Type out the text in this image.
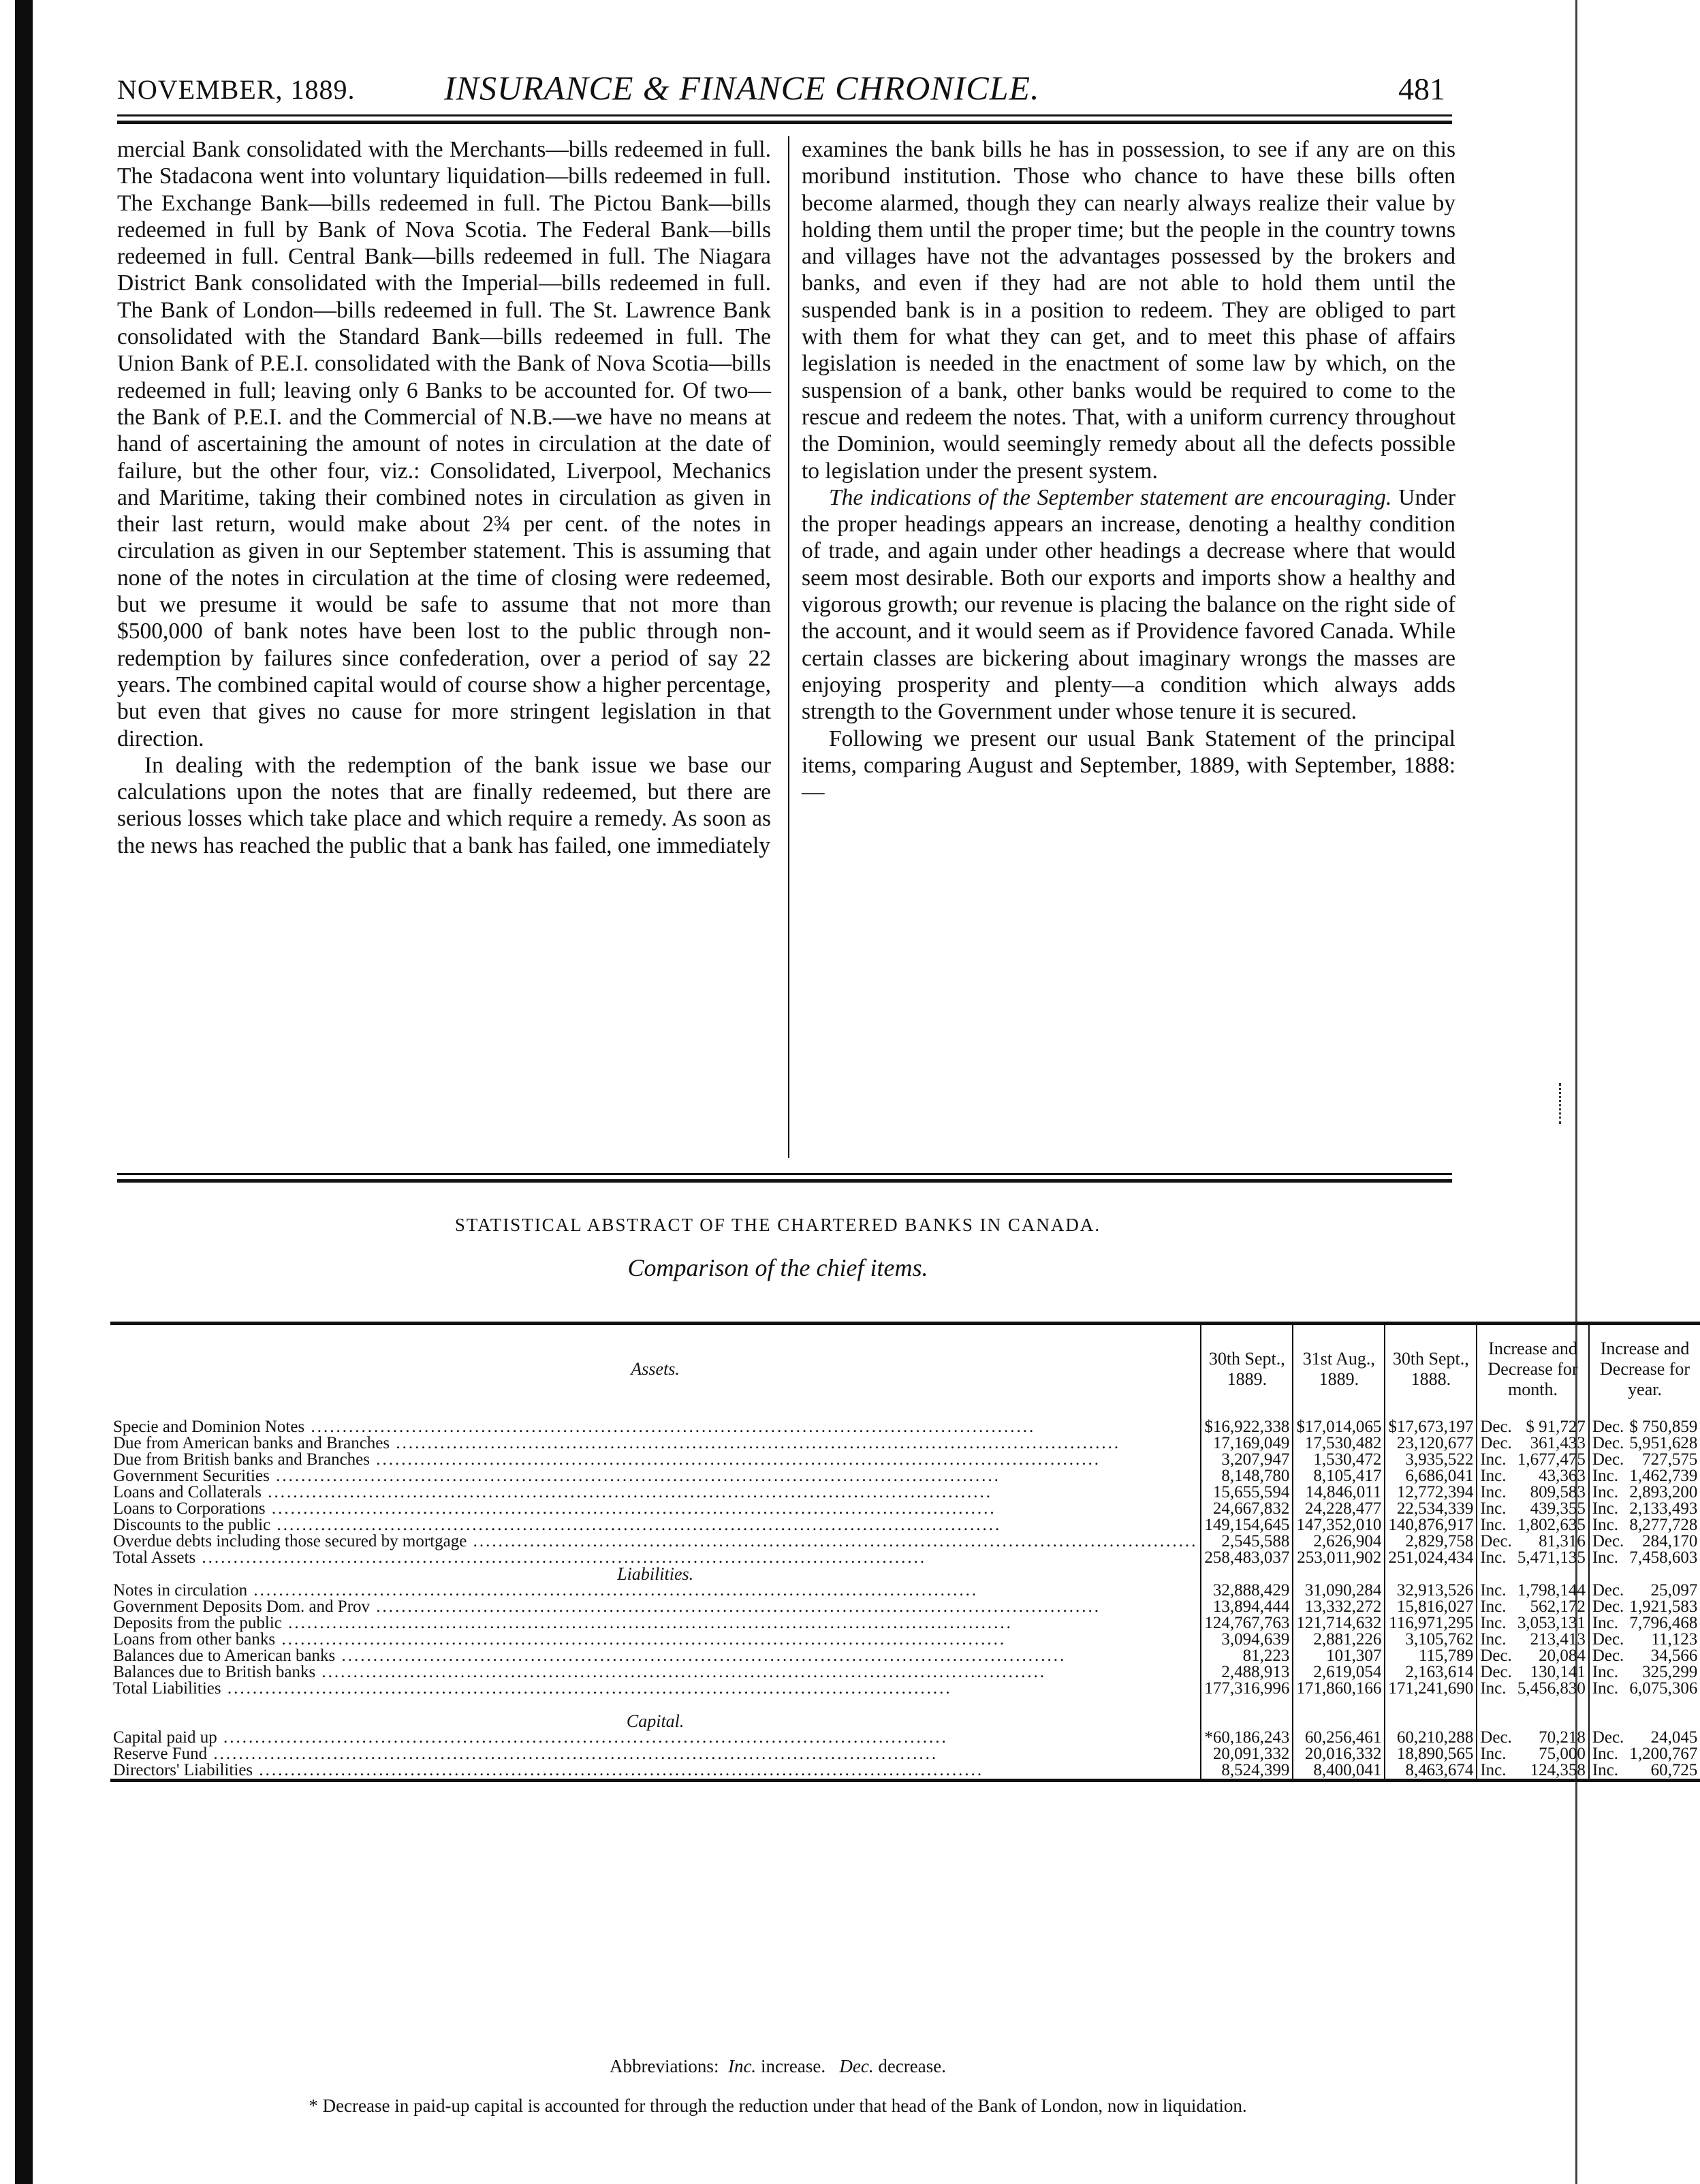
NOVEMBER, 1889.	INSURANCE & FINANCE CHRONICLE.	481

mercial Bank consolidated with the Merchants—bills redeemed in full. The Stadacona went into voluntary liquidation—bills redeemed in full. The Exchange Bank—bills redeemed in full. The Pictou Bank—bills redeemed in full by Bank of Nova Scotia. The Federal Bank—bills redeemed in full. Central Bank—bills redeemed in full. The Niagara District Bank consolidated with the Imperial—bills redeemed in full. The Bank of London—bills redeemed in full. The St. Lawrence Bank consolidated with the Standard Bank—bills redeemed in full. The Union Bank of P.E.I. consolidated with the Bank of Nova Scotia—bills redeemed in full; leaving only 6 Banks to be accounted for. Of two—the Bank of P.E.I. and the Commercial of N.B.—we have no means at hand of ascertaining the amount of notes in circulation at the date of failure, but the other four, viz.: Consolidated, Liverpool, Mechanics and Maritime, taking their combined notes in circulation as given in their last return, would make about 2¾ per cent. of the notes in circulation as given in our September statement. This is assuming that none of the notes in circulation at the time of closing were redeemed, but we presume it would be safe to assume that not more than $500,000 of bank notes have been lost to the public through non-redemption by failures since confederation, over a period of say 22 years. The combined capital would of course show a higher percentage, but even that gives no cause for more stringent legislation in that direction.

In dealing with the redemption of the bank issue we base our calculations upon the notes that are finally redeemed, but there are serious losses which take place and which require a remedy. As soon as the news has reached the public that a bank has failed, one immediately

examines the bank bills he has in possession, to see if any are on this moribund institution. Those who chance to have these bills often become alarmed, though they can nearly always realize their value by holding them until the proper time; but the people in the country towns and villages have not the advantages possessed by the brokers and banks, and even if they had are not able to hold them until the suspended bank is in a position to redeem. They are obliged to part with them for what they can get, and to meet this phase of affairs legislation is needed in the enactment of some law by which, on the suspension of a bank, other banks would be required to come to the rescue and redeem the notes. That, with a uniform currency throughout the Dominion, would seemingly remedy about all the defects possible to legislation under the present system.

The indications of the September statement are encouraging. Under the proper headings appears an increase, denoting a healthy condition of trade, and again under other headings a decrease where that would seem most desirable. Both our exports and imports show a healthy and vigorous growth; our revenue is placing the balance on the right side of the account, and it would seem as if Providence favored Canada. While certain classes are bickering about imaginary wrongs the masses are enjoying prosperity and plenty—a condition which always adds strength to the Government under whose tenure it is secured.

Following we present our usual Bank Statement of the principal items, comparing August and September, 1889, with September, 1888:—

STATISTICAL ABSTRACT OF THE CHARTERED BANKS IN CANADA.
Comparison of the chief items.
Assets.	30th Sept., 1889.	31st Aug., 1889.	30th Sept., 1888.	Increase and Decrease for month.		Increase and Decrease for year.	
Specie and Dominion Notes .....	$16,922,338	$17,014,065	$17,673,197	Dec.	$ 91,727	Dec.	$ 750,859
Due from American banks and Branches .....	17,169,049	17,530,482	23,120,677	Dec.	361,433	Dec.	5,951,628
Due from British banks and Branches .....	3,207,947	1,530,472	3,935,522	Inc.	1,677,475	Dec.	727,575
Government Securities .....	8,148,780	8,105,417	6,686,041	Inc.	43,363	Inc.	1,462,739
Loans and Collaterals .....	15,655,594	14,846,011	12,772,394	Inc.	809,583	Inc.	2,893,200
Loans to Corporations .....	24,667,832	24,228,477	22,534,339	Inc.	439,355	Inc.	2,133,493
Discounts to the public .....	149,154,645	147,352,010	140,876,917	Inc.	1,802,635	Inc.	8,277,728
Overdue debts including those secured by mortgage .....	2,545,588	2,626,904	2,829,758	Dec.	81,316	Dec.	284,170
Total Assets .....	258,483,037	253,011,902	251,024,434	Inc.	5,471,135	Inc.	7,458,603
Liabilities.							
Notes in circulation .....	32,888,429	31,090,284	32,913,526	Inc.	1,798,144	Dec.	25,097
Government Deposits Dom. and Prov .....	13,894,444	13,332,272	15,816,027	Inc.	562,172	Dec.	1,921,583
Deposits from the public .....	124,767,763	121,714,632	116,971,295	Inc.	3,053,131	Inc.	7,796,468
Loans from other banks .....	3,094,639	2,881,226	3,105,762	Inc.	213,413	Dec.	11,123
Balances due to American banks .....	81,223	101,307	115,789	Dec.	20,084	Dec.	34,566
Balances due to British banks .....	2,488,913	2,619,054	2,163,614	Dec.	130,141	Inc.	325,299
Total Liabilities .....	177,316,996	171,860,166	171,241,690	Inc.	5,456,830	Inc.	6,075,306

Capital.							
Capital paid up .....	*60,186,243	60,256,461	60,210,288	Dec.	70,218	Dec.	24,045
Reserve Fund .....	20,091,332	20,016,332	18,890,565	Inc.	75,000	Inc.	1,200,767
Directors' Liabilities .....	8,524,399	8,400,041	8,463,674	Inc.	124,358	Inc.	60,725

Abbreviations: Inc. increase. Dec. decrease.
* Decrease in paid-up capital is accounted for through the reduction under that head of the Bank of London, now in liquidation.
